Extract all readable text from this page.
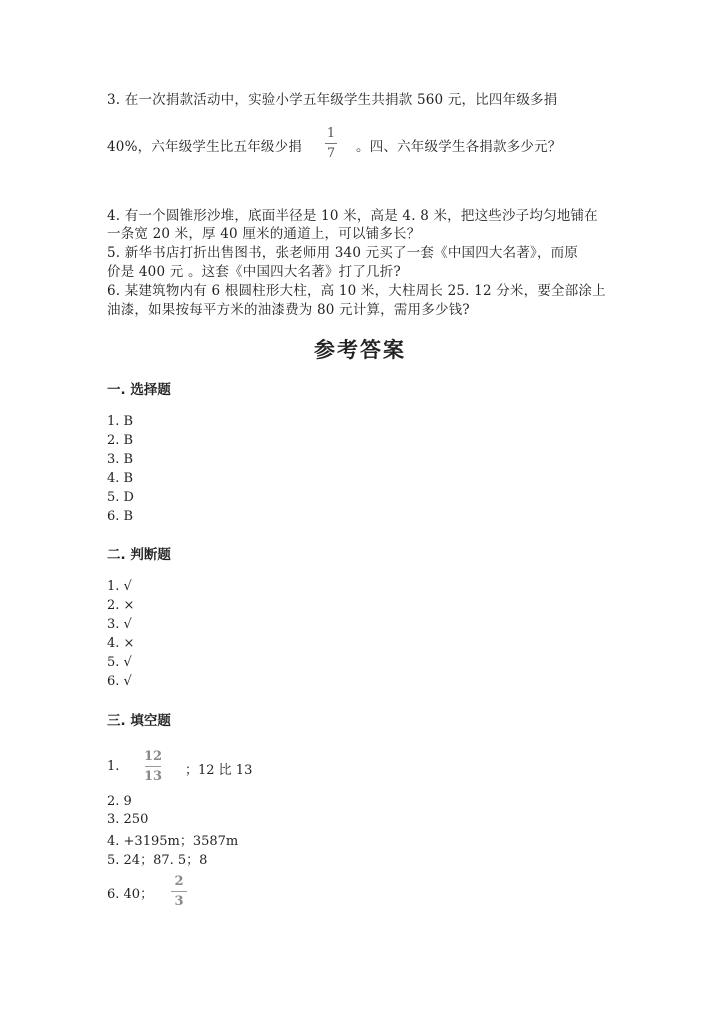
3. 在一次捐款活动中，实验小学五年级学生共捐款 560 元，比四年级多捐
40%，六年级学生比五年级少捐
1
7 。四、六年级学生各捐款多少元？
4. 有一个圆锥形沙堆，底面半径是 10 米，高是 4. 8 米，把这些沙子均匀地铺在
一条宽 20 米，厚 40 厘米的通道上，可以铺多长？
5. 新华书店打折出售图书，张老师用 340 元买了一套《中国四大名著》，而原
价是 400 元 。这套《中国四大名著》打了几折?
6. 某建筑物内有 6 根圆柱形大柱，高 10 米，大柱周长 25. 12 分米，要全部涂上
油漆，如果按每平方米的油漆费为 80 元计算，需用多少钱?
参考答案
一. 选择题
1. B
2. B
3. B
4. B
5. D
6. B
二. 判断题
1. √
2. ×
3. √
4. ×
5. √
6. √
三. 填空题
1.
12
13 ；12 比 13
2. 9
3. 250
4. +3195m；3587m
5. 24；87. 5；8
6. 40；
2
3
